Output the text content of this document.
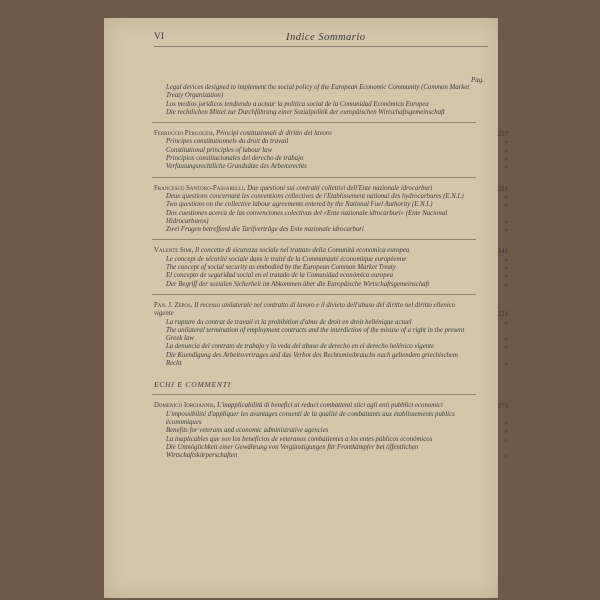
VI	Indice Sommario
Pag.

Legal devices designed to implement the social policy of the European Economic Community (Common Market Treaty Organization)

Los medios jurídicos tendiendo a actuar la politica social de la Comunidad Económica Europea

Die rechtlichen Mittel zur Durchführung einer Sozialpolitik der europäischen Wirtschaftsgemeinschaft

Ferruccio Pergolesi, Principi costituzionali di diritto del lavoro	217

Principes constitutionnels du droit du travail	»

Constitutional principles of labour law	»

Principios constitucionales del derecho de trabajo	»

Verfassungsrechtliche Grundsätze des Arbeitsrechts	»

Francesco Santoro-Passarelli, Due questioni sui contratti collettivi dell'Ente nazionale idrocarburi	231

Deux questions concernant les conventions collectives de l'Etablissement national des hydrocarbures (E.N.I.)	»

Two questions on the collective labour agreements entered by the National Fuel Authority (E.N.I.)	»

Dos cuestiones acerca de las convenciones colectivas del «Ente nazionale idrocarburi» (Ente Nacional Hidrocarburos)	»

Zwei Fragen betreffend die Tarifverträge des Ente nazionale idrocarburi	»

Valente Simi, Il concetto di sicurezza sociale nel trattato della Comunità economica europea	141

Le concept de sécurité sociale dans le traité de la Communauté économique européenne	»

The concept of social security as embodied by the European Common Market Treaty	»

El concepto de seguridad social en el tratado de la Comunidad económica europea	»

Der Begriff der sozialen Sicherheit im Abkommen über die Europäische Wirtschaftsgemeinschaft	»

Pan. J. Zepos, Il recesso unilaterale nel contratto di lavoro e il divieto dell'abuso del diritto nel diritto ellenico vigente	121

La rupture du contrat de travail et la prohibition d'abus de droit en droit hellénique actuel	»

The unilateral termination of employment contracts and the interdiction of the misuse of a right in the present Greek law	»

La denuncia del contrato de trabajo y la veda del abuso de derecho en el derecho helénico vigente	»

Die Kuendigung des Arbeitsvertrages und das Verbot des Rechtsmissbrauchs nach geltendem griechischem Recht	»

ECHI E COMMENTI

Domenico Iorgiannis, L'inapplicabilità di benefici ai reduci combattenti stici agli enti pubblici economici	175

L'impossibilité d'appliquer les avantages consenti de la qualité de combattants aux établissements publics économiques	»

Benefits for veterans and economic administrative agencies	»

La inaplicables que son los beneficios de veteranos combatientes a los entes públicos económicos	»

Die Unmöglichkeit einer Gewährung von Vergünstigungen für Frontkämpfer bei öffentlichen Wirtschaftskörperschaften	»
